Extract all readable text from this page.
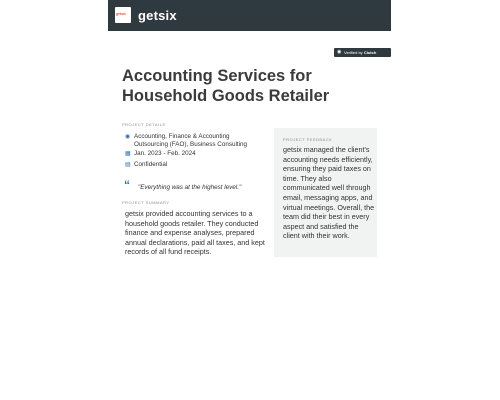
getsix getsix
◉ Verified by Clutch
Accounting Services for Household Goods Retailer
PROJECT DETAILS
◉ Accounting, Finance & Accounting Outsourcing (FAO), Business Consulting
▦ Jan. 2023 - Feb. 2024
▤ Confidential
“ "Everything was at the highest level."
PROJECT SUMMARY
getsix provided accounting services to a household goods retailer. They conducted finance and expense analyses, prepared annual declarations, paid all taxes, and kept records of all fund receipts.
PROJECT FEEDBACK
getsix managed the client's accounting needs efficiently, ensuring they paid taxes on time. They also communicated well through email, messaging apps, and virtual meetings. Overall, the team did their best in every aspect and satisfied the client with their work.
